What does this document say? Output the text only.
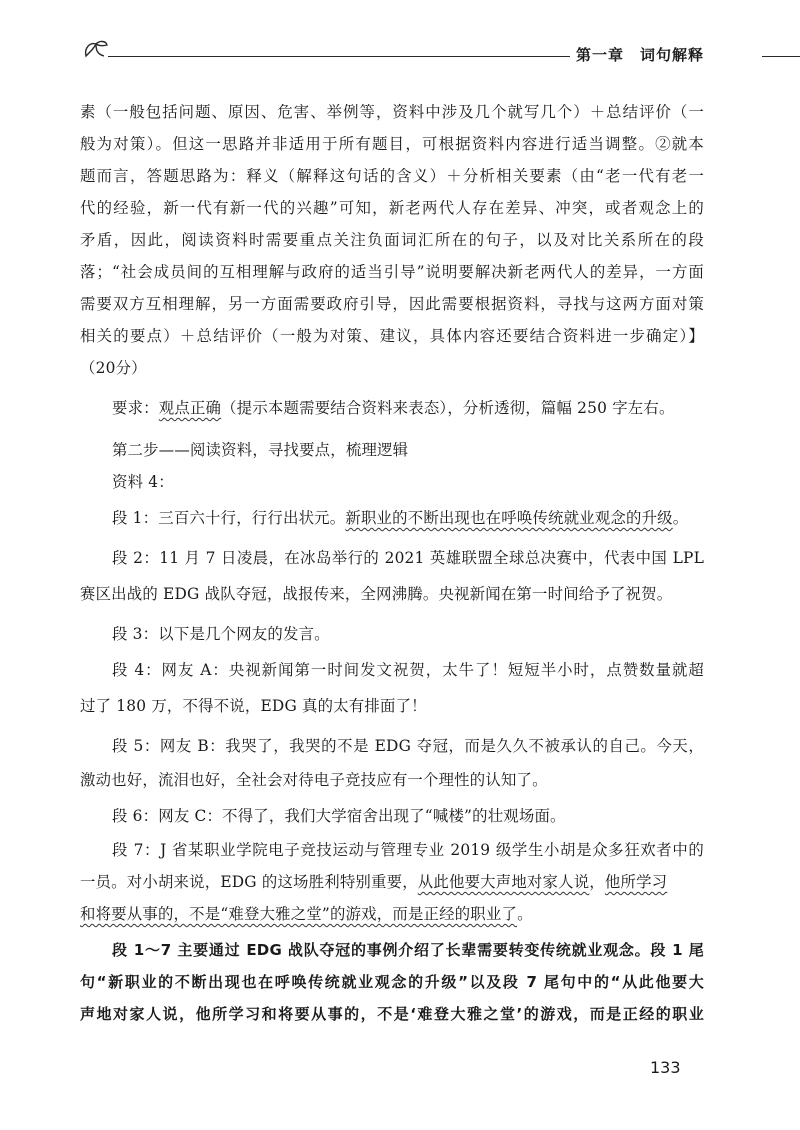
第一章　词句解释
素（一般包括问题、原因、危害、举例等，资料中涉及几个就写几个）＋总结评价（一
般为对策）。但这一思路并非适用于所有题目，可根据资料内容进行适当调整。②就本
题而言，答题思路为：释义（解释这句话的含义）＋分析相关要素（由“老一代有老一
代的经验，新一代有新一代的兴趣”可知，新老两代人存在差异、冲突，或者观念上的
矛盾，因此，阅读资料时需要重点关注负面词汇所在的句子，以及对比关系所在的段
落；“社会成员间的互相理解与政府的适当引导”说明要解决新老两代人的差异，一方面
需要双方互相理解，另一方面需要政府引导，因此需要根据资料，寻找与这两方面对策
相关的要点）＋总结评价（一般为对策、建议，具体内容还要结合资料进一步确定）】
（20分）
要求：观点正确（提示本题需要结合资料来表态），分析透彻，篇幅 250 字左右。
第二步——阅读资料，寻找要点，梳理逻辑
资料 4：
段 1：三百六十行，行行出状元。新职业的不断出现也在呼唤传统就业观念的升级。
段 2：11 月 7 日凌晨，在冰岛举行的 2021 英雄联盟全球总决赛中，代表中国 LPL
赛区出战的 EDG 战队夺冠，战报传来，全网沸腾。央视新闻在第一时间给予了祝贺。
段 3：以下是几个网友的发言。
段 4：网友 A：央视新闻第一时间发文祝贺，太牛了！短短半小时，点赞数量就超
过了 180 万，不得不说，EDG 真的太有排面了！
段 5：网友 B：我哭了，我哭的不是 EDG 夺冠，而是久久不被承认的自己。今天，
激动也好，流泪也好，全社会对待电子竞技应有一个理性的认知了。
段 6：网友 C：不得了，我们大学宿舍出现了“喊楼”的壮观场面。
段 7：J 省某职业学院电子竞技运动与管理专业 2019 级学生小胡是众多狂欢者中的
一员。对小胡来说，EDG 的这场胜利特别重要，从此他要大声地对家人说，他所学习
和将要从事的，不是“难登大雅之堂”的游戏，而是正经的职业了。
段 1～7 主要通过 EDG 战队夺冠的事例介绍了长辈需要转变传统就业观念。段 1 尾
句“新职业的不断出现也在呼唤传统就业观念的升级”以及段 7 尾句中的“从此他要大
声地对家人说，他所学习和将要从事的，不是‘难登大雅之堂’的游戏，而是正经的职业
133
